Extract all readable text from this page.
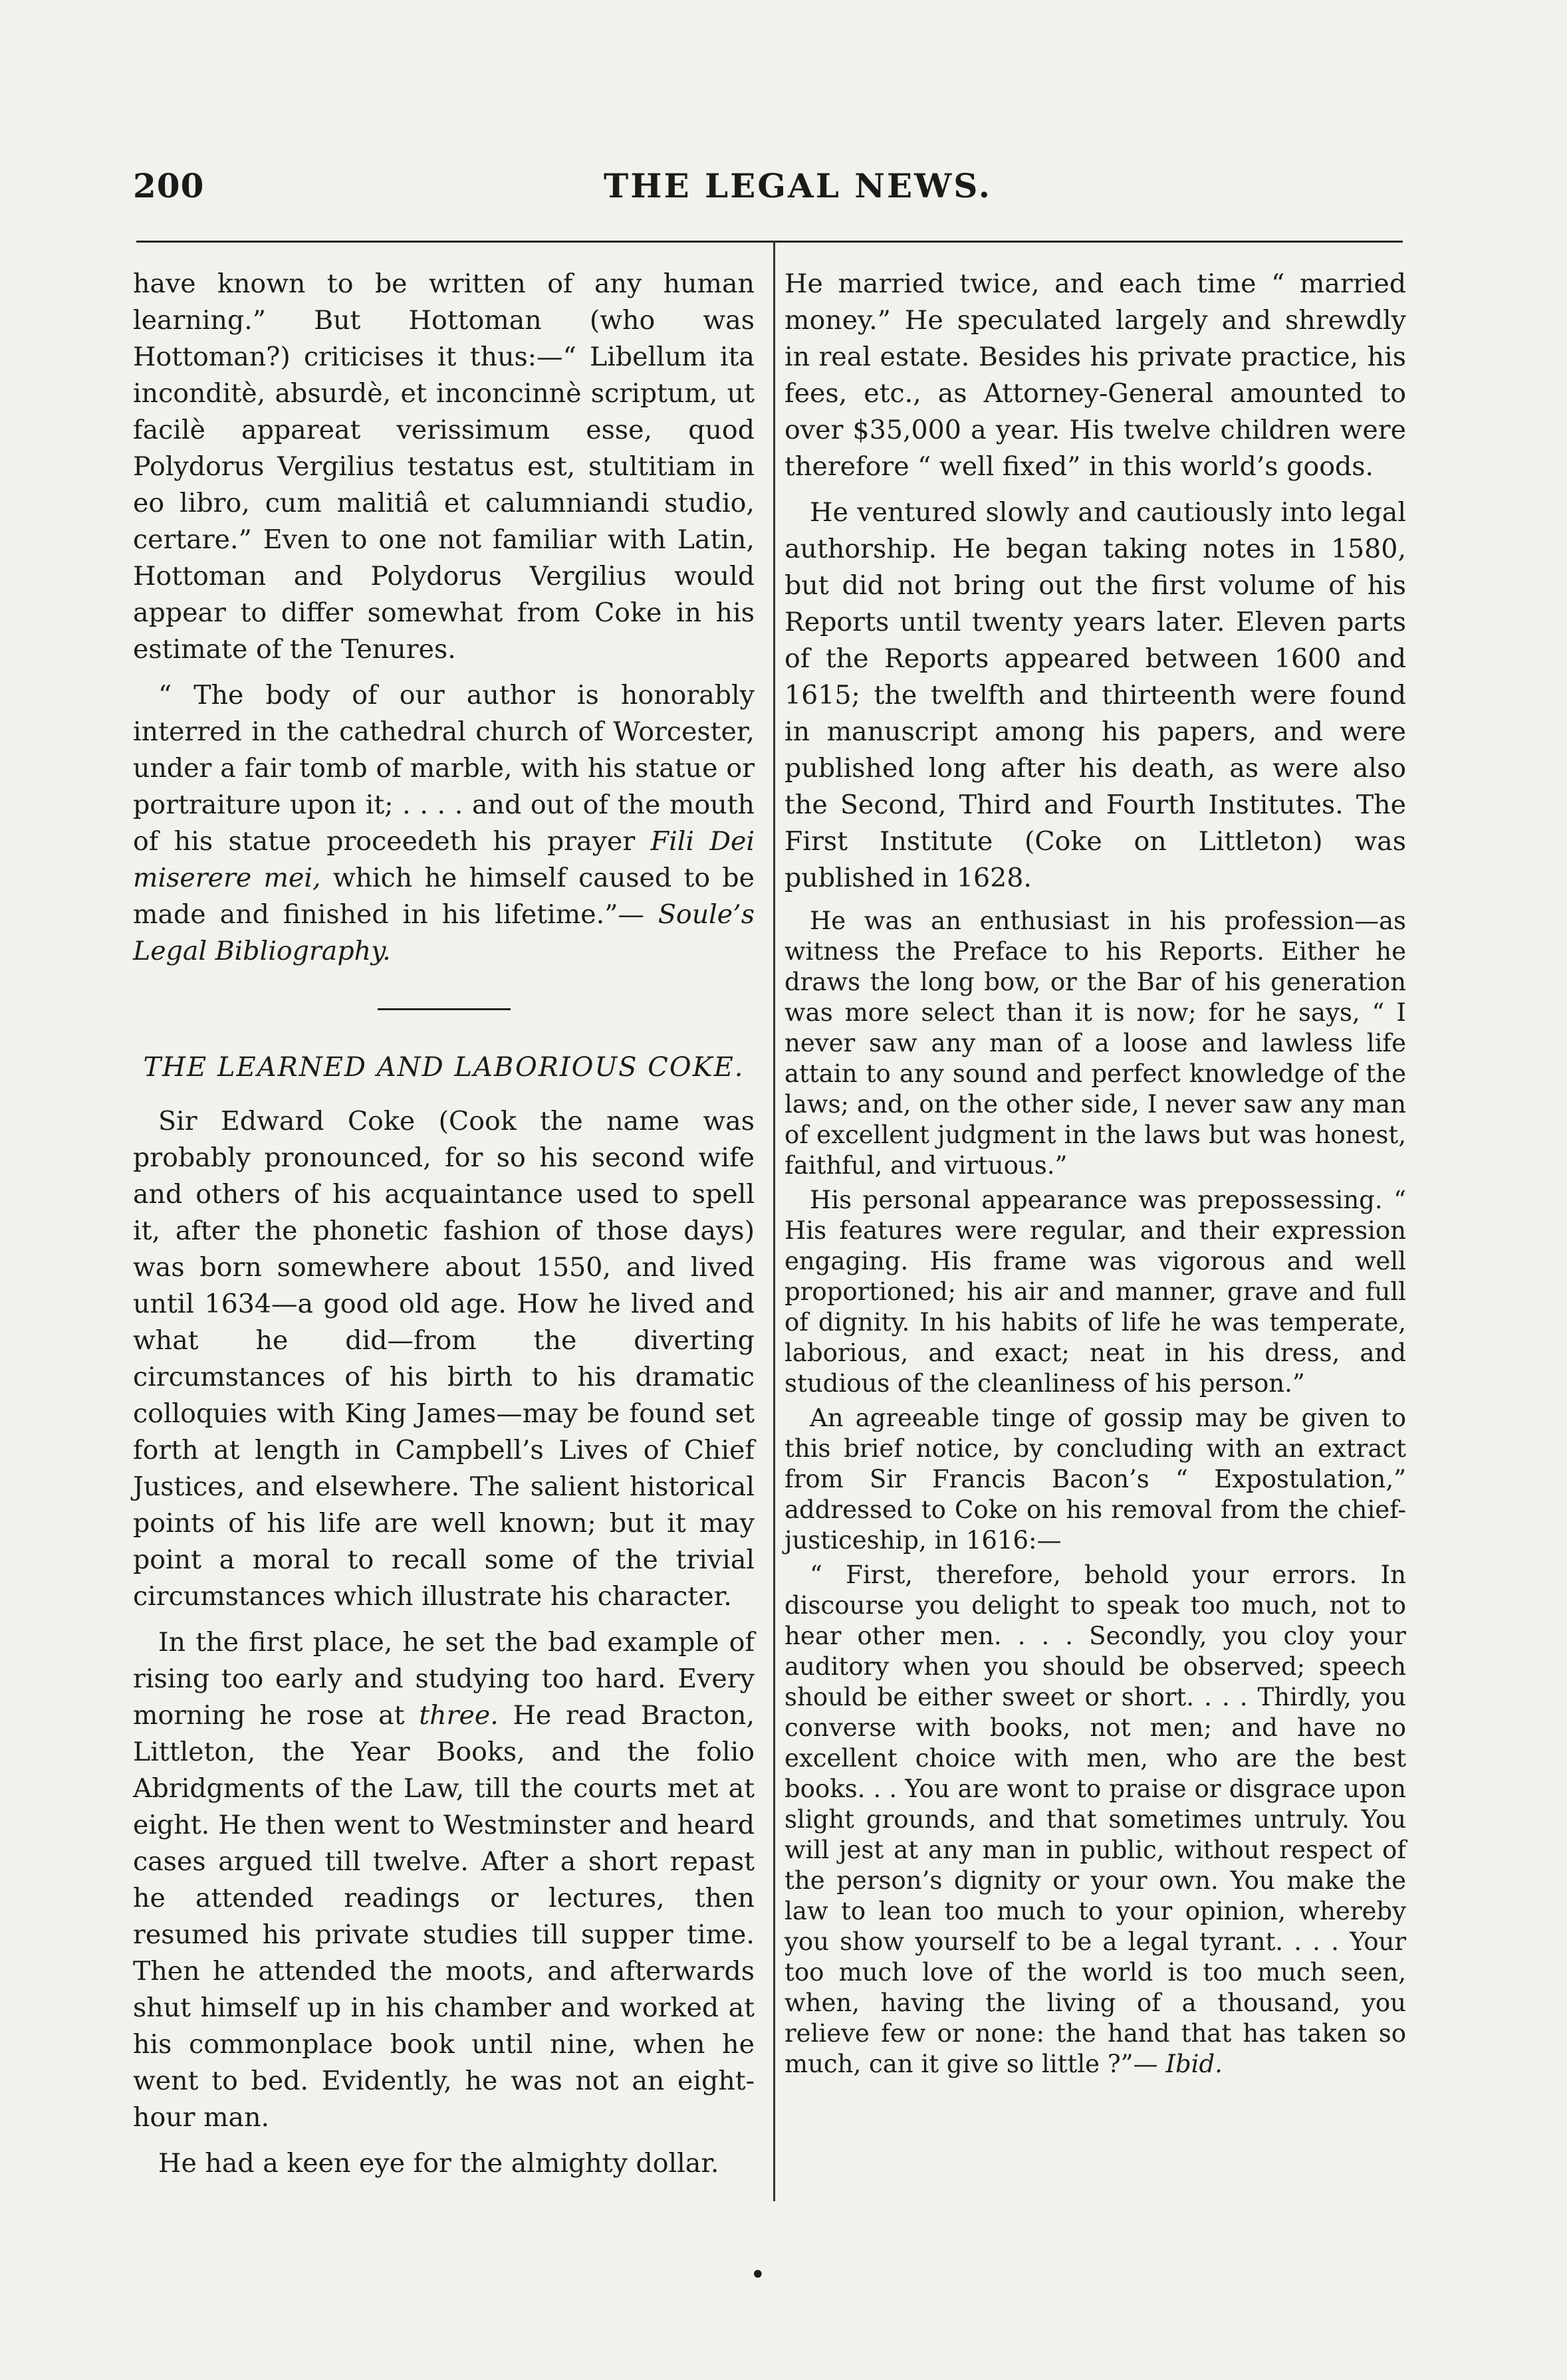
200	THE LEGAL NEWS.

have known to be written of any human learning.” But Hottoman (who was Hottoman?) criticises it thus:—“ Libellum ita inconditè, absurdè, et inconcinnè scriptum, ut facilè appareat verissimum esse, quod Polydorus Vergilius testatus est, stultitiam in eo libro, cum malitiâ et calumniandi studio, certare.” Even to one not familiar with Latin, Hottoman and Polydorus Vergilius would appear to differ somewhat from Coke in his estimate of the Tenures.

“ The body of our author is honorably interred in the cathedral church of Worcester, under a fair tomb of marble, with his statue or portraiture upon it; . . . . and out of the mouth of his statue proceedeth his prayer Fili Dei miserere mei, which he himself caused to be made and finished in his lifetime.”— Soule’s Legal Bibliography.

THE LEARNED AND LABORIOUS COKE.

Sir Edward Coke (Cook the name was probably pronounced, for so his second wife and others of his acquaintance used to spell it, after the phonetic fashion of those days) was born somewhere about 1550, and lived until 1634—a good old age. How he lived and what he did—from the diverting circumstances of his birth to his dramatic colloquies with King James—may be found set forth at length in Campbell’s Lives of Chief Justices, and elsewhere. The salient historical points of his life are well known; but it may point a moral to recall some of the trivial circumstances which illustrate his character.

In the first place, he set the bad example of rising too early and studying too hard. Every morning he rose at three. He read Bracton, Littleton, the Year Books, and the folio Abridgments of the Law, till the courts met at eight. He then went to Westminster and heard cases argued till twelve. After a short repast he attended readings or lectures, then resumed his private studies till supper time. Then he attended the moots, and afterwards shut himself up in his chamber and worked at his commonplace book until nine, when he went to bed. Evidently, he was not an eight-hour man.

He had a keen eye for the almighty dollar.

He married twice, and each time “ married money.” He speculated largely and shrewdly in real estate. Besides his private practice, his fees, etc., as Attorney-General amounted to over $35,000 a year. His twelve children were therefore “ well fixed” in this world’s goods.

He ventured slowly and cautiously into legal authorship. He began taking notes in 1580, but did not bring out the first volume of his Reports until twenty years later. Eleven parts of the Reports appeared between 1600 and 1615; the twelfth and thirteenth were found in manuscript among his papers, and were published long after his death, as were also the Second, Third and Fourth Institutes. The First Institute (Coke on Littleton) was published in 1628.

He was an enthusiast in his profession—as witness the Preface to his Reports. Either he draws the long bow, or the Bar of his generation was more select than it is now; for he says, “ I never saw any man of a loose and lawless life attain to any sound and perfect knowledge of the laws; and, on the other side, I never saw any man of excellent judgment in the laws but was honest, faithful, and virtuous.”

His personal appearance was prepossessing. “ His features were regular, and their expression engaging. His frame was vigorous and well proportioned; his air and manner, grave and full of dignity. In his habits of life he was temperate, laborious, and exact; neat in his dress, and studious of the cleanliness of his person.”

An agreeable tinge of gossip may be given to this brief notice, by concluding with an extract from Sir Francis Bacon’s “ Expostulation,” addressed to Coke on his removal from the chief-justiceship, in 1616:—

“ First, therefore, behold your errors. In discourse you delight to speak too much, not to hear other men. . . . Secondly, you cloy your auditory when you should be observed; speech should be either sweet or short. . . . Thirdly, you converse with books, not men; and have no excellent choice with men, who are the best books. . . You are wont to praise or disgrace upon slight grounds, and that sometimes untruly. You will jest at any man in public, without respect of the person’s dignity or your own. You make the law to lean too much to your opinion, whereby you show yourself to be a legal tyrant. . . . Your too much love of the world is too much seen, when, having the living of a thousand, you relieve few or none: the hand that has taken so much, can it give so little ?”— Ibid.

•
